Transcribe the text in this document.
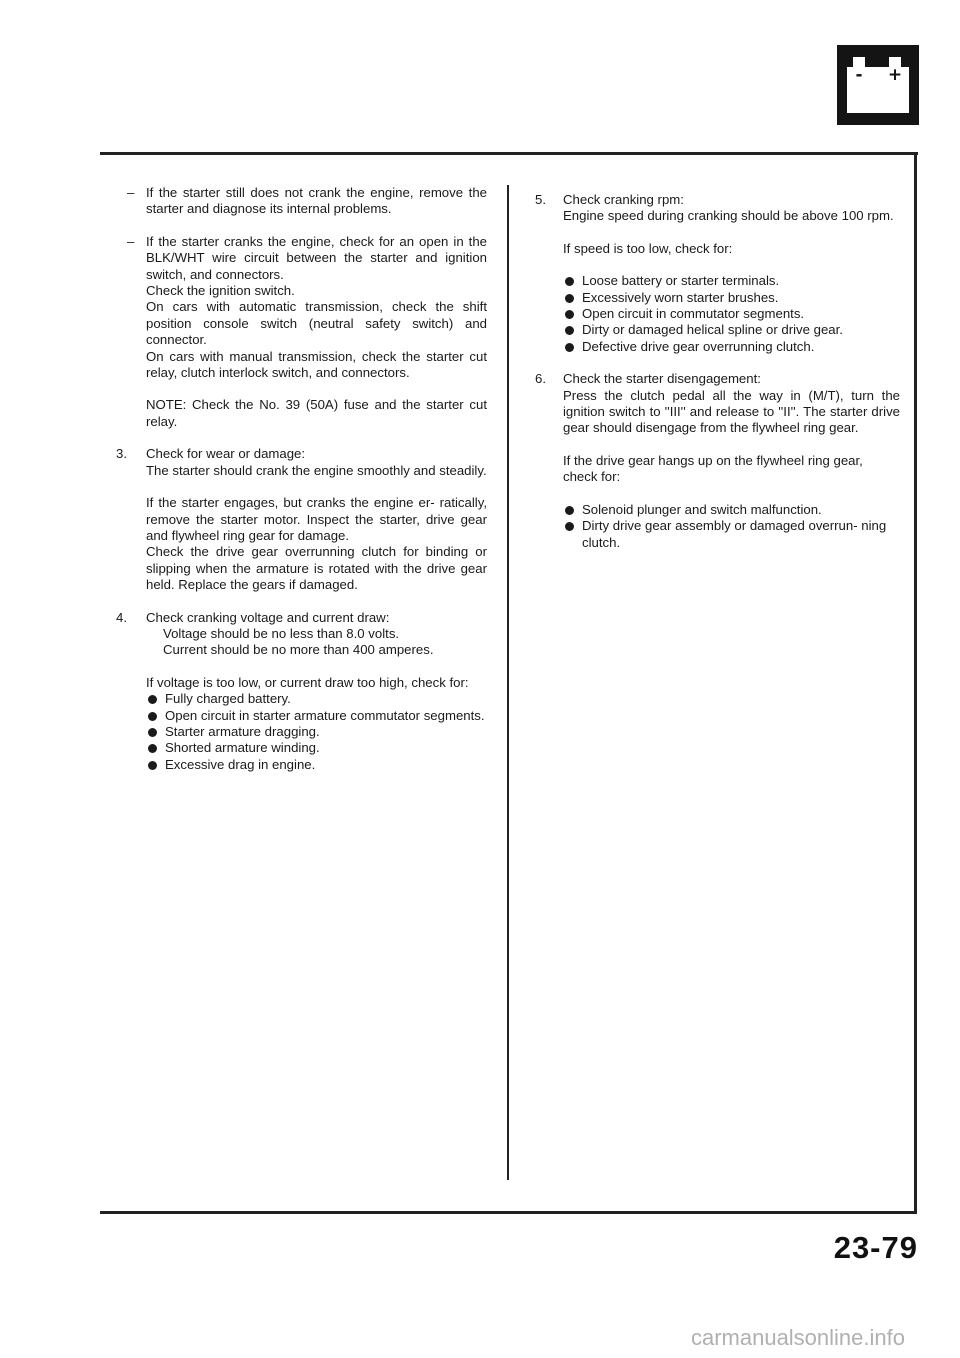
-	+

– If the starter still does not crank the engine, remove the starter and diagnose its internal problems.

– If the starter cranks the engine, check for an open in the BLK/WHT wire circuit between the starter and ignition switch, and connectors.
Check the ignition switch.
On cars with automatic transmission, check the shift position console switch (neutral safety switch) and connector.
On cars with manual transmission, check the starter cut relay, clutch interlock switch, and connectors.

NOTE: Check the No. 39 (50A) fuse and the starter cut relay.

3. Check for wear or damage:

The starter should crank the engine smoothly and steadily.

If the starter engages, but cranks the engine er- ratically, remove the starter motor. Inspect the starter, drive gear and flywheel ring gear for damage.

Check the drive gear overrunning clutch for binding or slipping when the armature is rotated with the drive gear held. Replace the gears if damaged.

4. Check cranking voltage and current draw:

Voltage should be no less than 8.0 volts.

Current should be no more than 400 amperes.

If voltage is too low, or current draw too high, check for:

Fully charged battery.
Open circuit in starter armature commutator segments.
Starter armature dragging.
Shorted armature winding.
Excessive drag in engine.
5. Check cranking rpm:

Engine speed during cranking should be above 100 rpm.

If speed is too low, check for:

Loose battery or starter terminals.
Excessively worn starter brushes.
Open circuit in commutator segments.
Dirty or damaged helical spline or drive gear.
Defective drive gear overrunning clutch.
6. Check the starter disengagement:

Press the clutch pedal all the way in (M/T), turn the ignition switch to ''III'' and release to ''II''. The starter drive gear should disengage from the flywheel ring gear.

If the drive gear hangs up on the flywheel ring gear, check for:

Solenoid plunger and switch malfunction.
Dirty drive gear assembly or damaged overrun- ning clutch.
23-79
carmanualsonline.info
